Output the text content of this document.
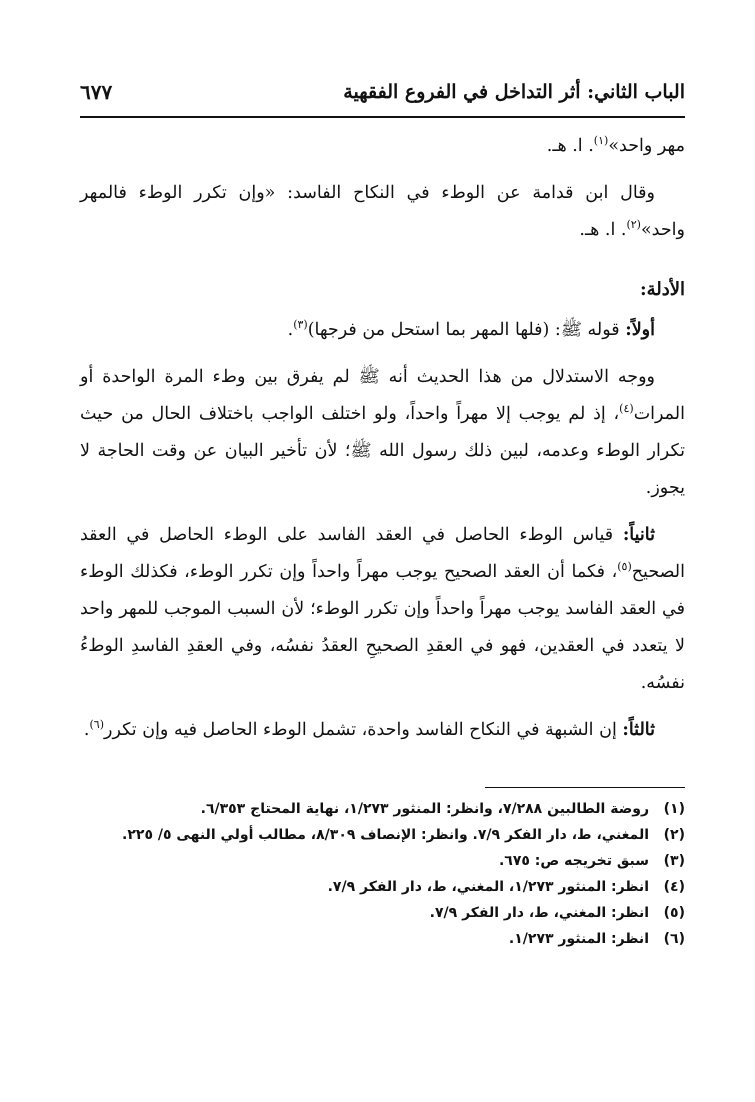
الباب الثاني: أثر التداخل في الفروع الفقهية
٦٧٧

مهر واحد»$^{(١)}$. ا. هـ.

وقال ابن قدامة عن الوطء في النكاح الفاسد: «وإن تكرر الوطء فالمهر واحد»$^{(٢)}$. ا. هـ.

الأدلة:

أولاً: قوله ﷺ: (فلها المهر بما استحل من فرجها)$^{(٣)}$.

ووجه الاستدلال من هذا الحديث أنه ﷺ لم يفرق بين وطء المرة الواحدة أو المرات$^{(٤)}$، إذ لم يوجب إلا مهراً واحداً، ولو اختلف الواجب باختلاف الحال من حيث تكرار الوطء وعدمه، لبين ذلك رسول الله ﷺ؛ لأن تأخير البيان عن وقت الحاجة لا يجوز.

ثانياً: قياس الوطء الحاصل في العقد الفاسد على الوطء الحاصل في العقد الصحيح$^{(٥)}$، فكما أن العقد الصحيح يوجب مهراً واحداً وإن تكرر الوطء، فكذلك الوطء في العقد الفاسد يوجب مهراً واحداً وإن تكرر الوطء؛ لأن السبب الموجب للمهر واحد لا يتعدد في العقدين، فهو في العقدِ الصحيحِ العقدُ نفسُه، وفي العقدِ الفاسدِ الوطءُ نفسُه.

ثالثاً: إن الشبهة في النكاح الفاسد واحدة، تشمل الوطء الحاصل فيه وإن تكرر$^{(٦)}$.

(١)
روضة الطالبين ٧/٢٨٨، وانظر: المنثور ١/٢٧٣، نهاية المحتاج ٦/٣٥٣.
(٢)
المغني، ط، دار الفكر ٧/٩. وانظر: الإنصاف ٨/٣٠٩، مطالب أولي النهى ٥/ ٢٢٥.
(٣)
سبق تخريجه ص: ٦٧٥.
(٤)
انظر: المنثور ١/٢٧٣، المغني، ط، دار الفكر ٧/٩.
(٥)
انظر: المغني، ط، دار الفكر ٧/٩.
(٦)
انظر: المنثور ١/٢٧٣.
